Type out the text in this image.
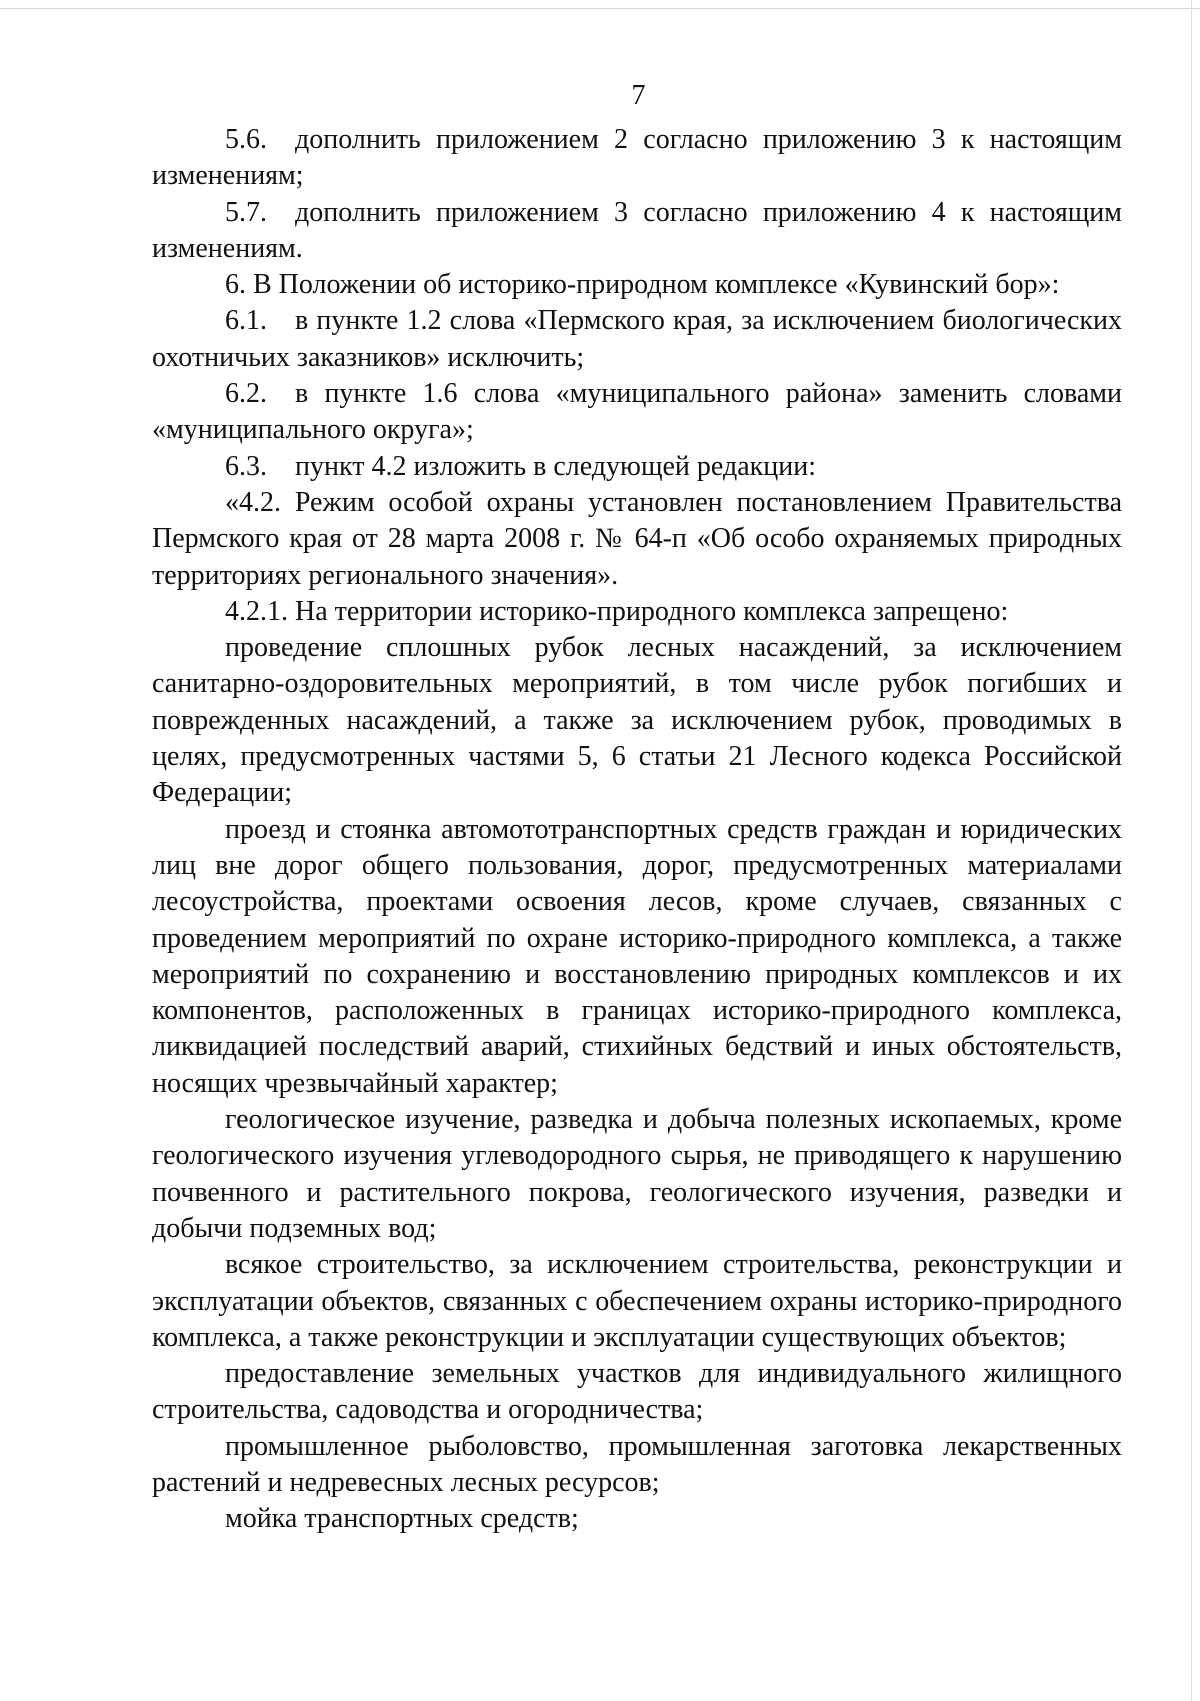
7

5.6. дополнить приложением 2 согласно приложению 3 к настоящим изменениям;

5.7. дополнить приложением 3 согласно приложению 4 к настоящим изменениям.

6. В Положении об историко-природном комплексе «Кувинский бор»:

6.1. в пункте 1.2 слова «Пермского края, за исключением биологических охотничьих заказников» исключить;

6.2. в пункте 1.6 слова «муниципального района» заменить словами «муниципального округа»;

6.3. пункт 4.2 изложить в следующей редакции:

«4.2. Режим особой охраны установлен постановлением Правительства Пермского края от 28 марта 2008 г. № 64-п «Об особо охраняемых природных территориях регионального значения».

4.2.1. На территории историко-природного комплекса запрещено:

проведение сплошных рубок лесных насаждений, за исключением санитарно-оздоровительных мероприятий, в том числе рубок погибших и поврежденных насаждений, а также за исключением рубок, проводимых в целях, предусмотренных частями 5, 6 статьи 21 Лесного кодекса Российской Федерации;

проезд и стоянка автомототранспортных средств граждан и юридических лиц вне дорог общего пользования, дорог, предусмотренных материалами лесоустройства, проектами освоения лесов, кроме случаев, связанных с проведением мероприятий по охране историко-природного комплекса, а также мероприятий по сохранению и восстановлению природных комплексов и их компонентов, расположенных в границах историко-природного комплекса, ликвидацией последствий аварий, стихийных бедствий и иных обстоятельств, носящих чрезвычайный характер;

геологическое изучение, разведка и добыча полезных ископаемых, кроме геологического изучения углеводородного сырья, не приводящего к нарушению почвенного и растительного покрова, геологического изучения, разведки и добычи подземных вод;

всякое строительство, за исключением строительства, реконструкции и эксплуатации объектов, связанных с обеспечением охраны историко-природного комплекса, а также реконструкции и эксплуатации существующих объектов;

предоставление земельных участков для индивидуального жилищного строительства, садоводства и огородничества;

промышленное рыболовство, промышленная заготовка лекарственных растений и недревесных лесных ресурсов;

мойка транспортных средств;
